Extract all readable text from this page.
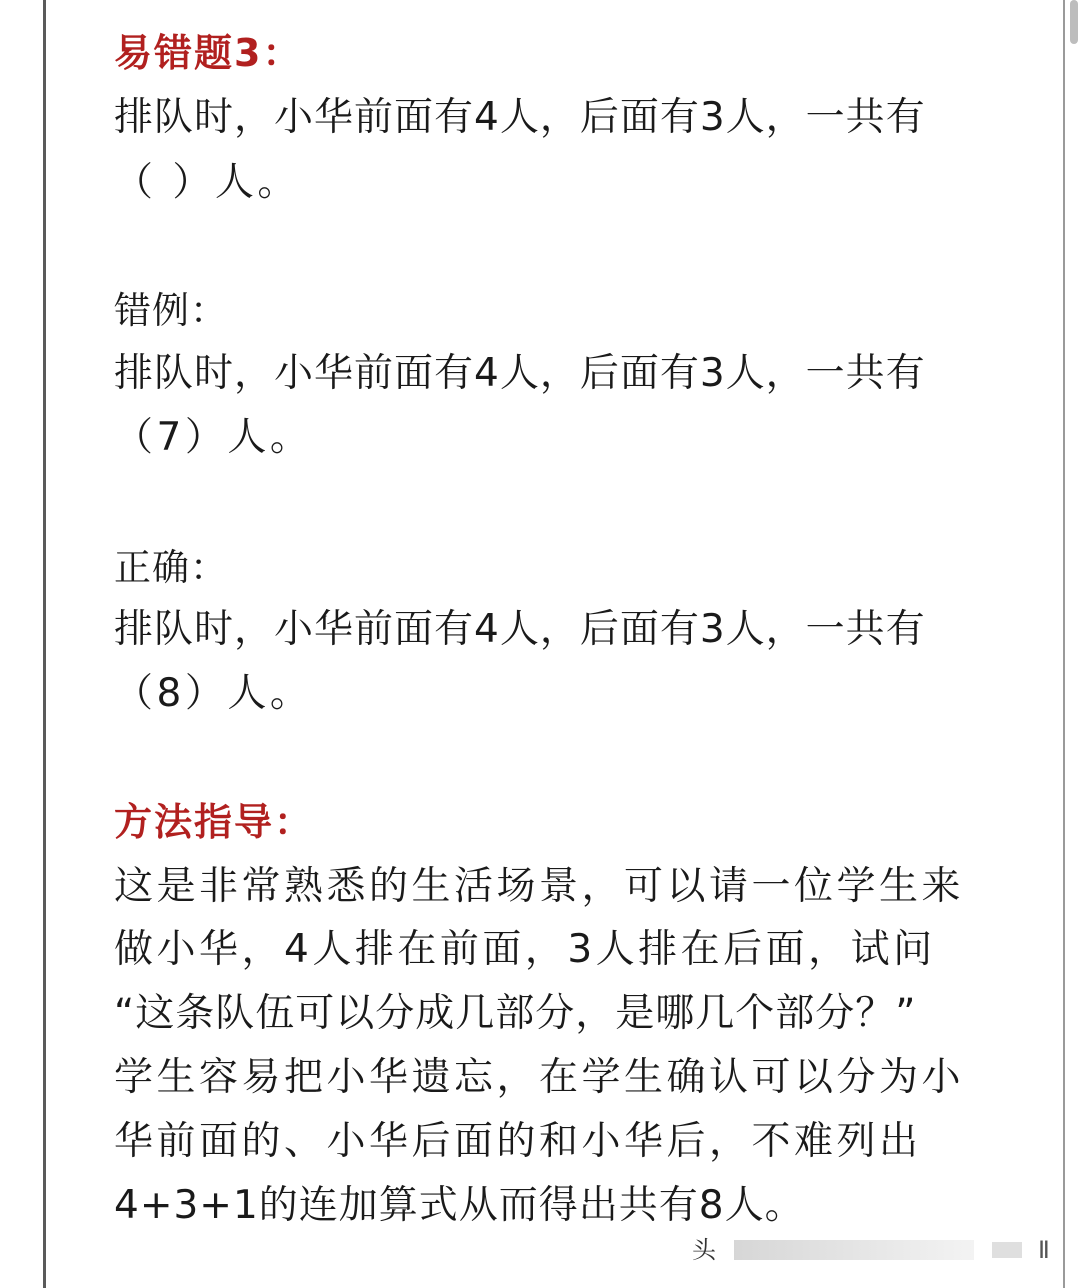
易错题3：
排队时，小华前面有4人，后面有3人，一共有
（ ）人。
错例：
排队时，小华前面有4人，后面有3人，一共有
（7）人。
正确：
排队时，小华前面有4人，后面有3人，一共有
（8）人。
方法指导：
这是非常熟悉的生活场景，可以请一位学生来
做小华，4人排在前面，3人排在后面，试问
“这条队伍可以分成几部分，是哪几个部分？”
学生容易把小华遗忘，在学生确认可以分为小
华前面的、小华后面的和小华后，不难列出
4+3+1的连加算式从而得出共有8人。
头	Ⅱ
